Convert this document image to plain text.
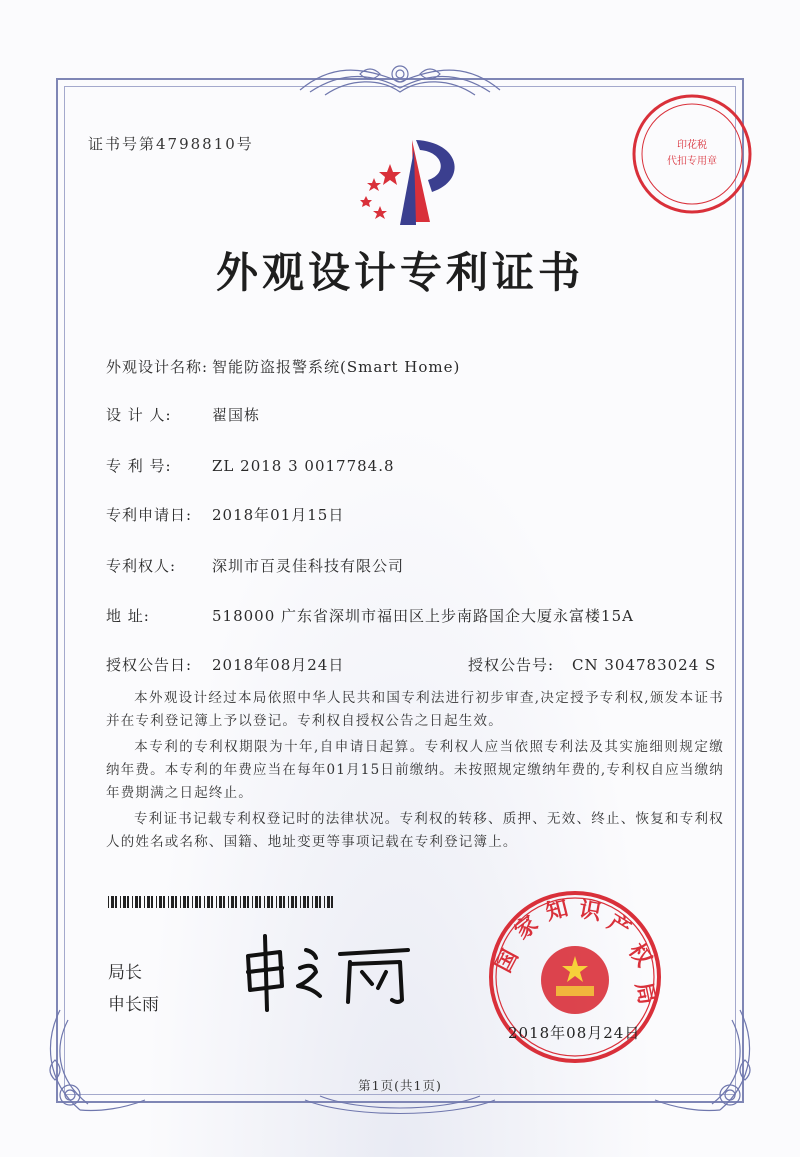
证书号第4798810号	印花税
代扣专用章
外观设计专利证书
外观设计名称: 智能防盗报警系统(Smart Home)
设 计 人:	翟国栋
专 利 号:	ZL 2018 3 0017784.8
专利申请日: 2018年01月15日
专利权人: 深圳市百灵佳科技有限公司
地 址:	518000 广东省深圳市福田区上步南路国企大厦永富楼15A
授权公告日: 2018年08月24日	授权公告号: CN 304783024 S
本外观设计经过本局依照中华人民共和国专利法进行初步审查,决定授予专利权,颁发本证书并在专利登记簿上予以登记。专利权自授权公告之日起生效。
本专利的专利权期限为十年,自申请日起算。专利权人应当依照专利法及其实施细则规定缴纳年费。本专利的年费应当在每年01月15日前缴纳。未按照规定缴纳年费的,专利权自应当缴纳年费期满之日起终止。
专利证书记载专利权登记时的法律状况。专利权的转移、质押、无效、终止、恢复和专利权人的姓名或名称、国籍、地址变更等事项记载在专利登记簿上。
局长
申长雨
国
家
知 识 产
权
局
2018年08月24日
第1页(共1页)
